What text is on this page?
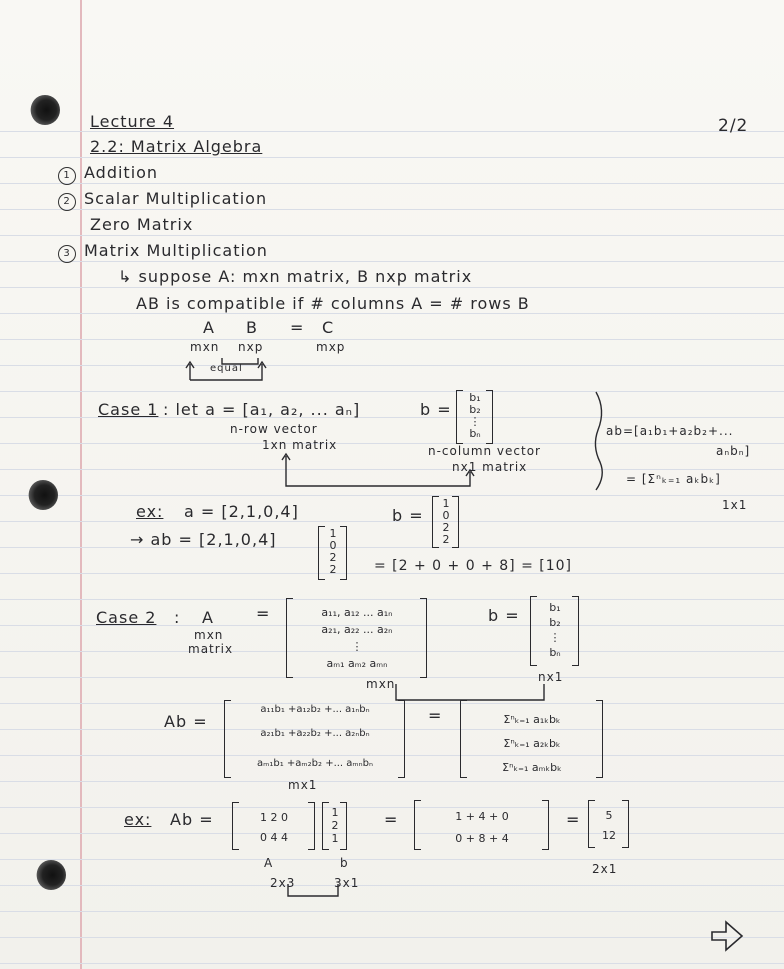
2/2
Lecture 4
2.2: Matrix Algebra
1 Addition
2 Scalar Multiplication
Zero Matrix
3 Matrix Multiplication
↳ suppose A: mxn matrix, B nxp matrix
AB is compatible if # columns A = # rows B
A B = C
mxn nxp	mxp
equal
Case 1 : let a = [a₁, a₂, ... aₙ]
n-row vector
1xn matrix
b =
b₁
b₂
⋮
bₙ
n-column vector
nx1 matrix
ab=[a₁b₁+a₂b₂+...
aₙbₙ]
= [Σⁿₖ₌₁ aₖbₖ]
1x1
ex: a = [2,1,0,4]	b =
1
0
2
2
→ ab = [2,1,0,4]	1
0
2
2	= [2 + 0 + 0 + 8] = [10]
Case 2 : A
mxn
matrix
=	a₁₁, a₁₂ ... a₁ₙ
a₂₁, a₂₂ ... a₂ₙ
⋮
aₘ₁ aₘ₂ aₘₙ
mxn
b =	b₁
b₂
⋮
bₙ
nx1
Ab =
a₁₁b₁ +a₁₂b₂ +... a₁ₙbₙ
a₂₁b₁ +a₂₂b₂ +... a₂ₙbₙ
aₘ₁b₁ +aₘ₂b₂ +... aₘₙbₙ
mx1
=	Σⁿₖ₌₁ a₁ₖbₖ
Σⁿₖ₌₁ a₂ₖbₖ
Σⁿₖ₌₁ aₘₖbₖ
ex: Ab =	1 2 0
0 4 4
1
2
1
=	1 + 4 + 0
0 + 8 + 4
=	5
12
A	b
2x3	3x1
2x1
